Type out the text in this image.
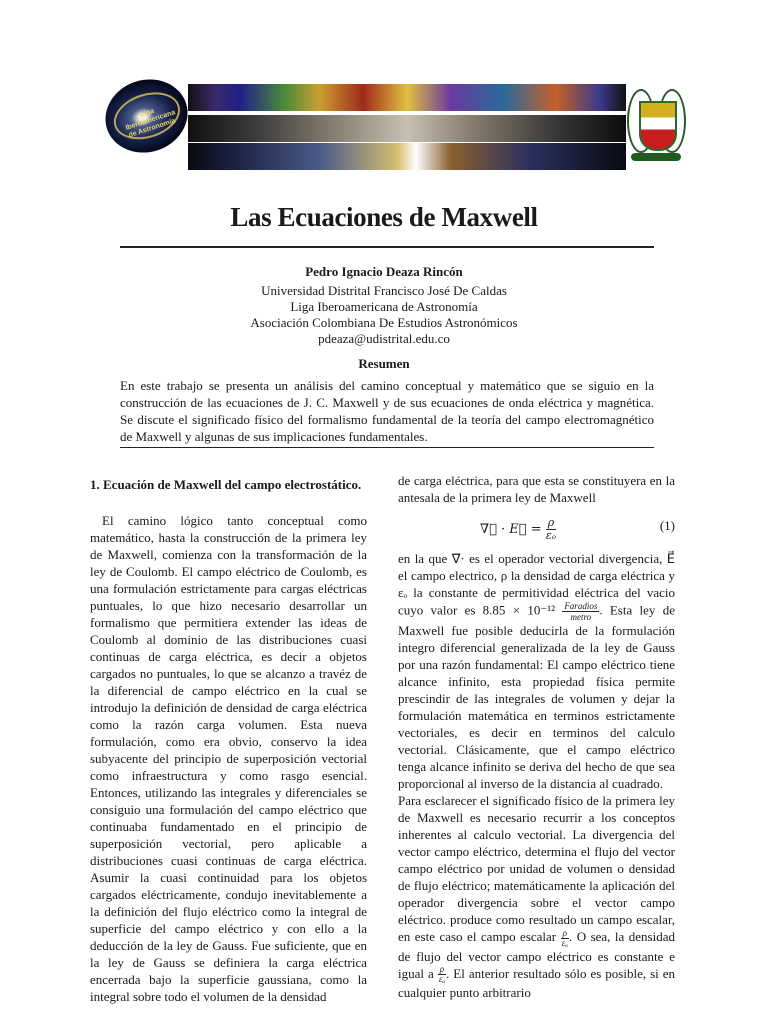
Liga Iberoamericana de Astronomía
Las Ecuaciones de Maxwell
Pedro Ignacio Deaza Rincón
Universidad Distrital Francisco José De Caldas
Liga Iberoamericana de Astronomía
Asociación Colombiana De Estudios Astronómicos
pdeaza@udistrital.edu.co
Resumen
En este trabajo se presenta un análisis del camino conceptual y matemático que se siguio en la construcción de las ecuaciones de J. C. Maxwell y de sus ecuaciones de onda eléctrica y magnética. Se discute el significado físico del formalismo fundamental de la teoría del campo electromagnético de Maxwell y algunas de sus implicaciones fundamentales.
1. Ecuación de Maxwell del campo electrostático.

El camino lógico tanto conceptual como matemático, hasta la construcción de la primera ley de Maxwell, comienza con la transformación de la ley de Coulomb. El campo eléctrico de Coulomb, es una formulación estrictamente para cargas eléctricas puntuales, lo que hizo necesario desarrollar un formalismo que permitiera extender las ideas de Coulomb al dominio de las distribuciones cuasi continuas de carga eléctrica, es decir a objetos cargados no puntuales, lo que se alcanzo a travéz de la diferencial de campo eléctrico en la cual se introdujo la definición de densidad de carga eléctrica como la razón carga volumen. Esta nueva formulación, como era obvio, conservo la idea subyacente del principio de superposición vectorial como infraestructura y como rasgo esencial. Entonces, utilizando las integrales y diferenciales se consiguio una formulación del campo eléctrico que continuaba fundamentado en el principio de superposición vectorial, pero aplicable a distribuciones cuasi continuas de carga eléctrica. Asumir la cuasi continuidad para los objetos cargados eléctricamente, condujo inevitablemente a la definición del flujo eléctrico como la integral de superficie del campo eléctrico y con ello a la deducción de la ley de Gauss. Fue suficiente, que en la ley de Gauss se definiera la carga eléctrica encerrada bajo la superficie gaussiana, como la integral sobre todo el volumen de la densidad

de carga eléctrica, para que esta se constituyera en la antesala de la primera ley de Maxwell

∇⃗ · E⃗ = $\frac{\rho}{\text{εₒ}}$	(1)

en la que ∇⃗· es el operador vectorial divergencia, E⃗ el campo electrico, ρ la densidad de carga eléctrica y εₒ la constante de permitividad eléctrica del vacio cuyo valor es $8.85 \times 10^{-12} \frac{\text{Faradios}}{\text{metro}}$ . Esta ley de Maxwell fue posible deducirla de la formulación integro diferencial generalizada de la ley de Gauss por una razón fundamental: El campo eléctrico tiene alcance infinito, esta propiedad física permite prescindir de las integrales de volumen y dejar la formulación matemática en terminos estrictamente vectoriales, es decir en terminos del calculo vectorial. Clásicamente, que el campo eléctrico tenga alcance infinito se deriva del hecho de que sea proporcional al inverso de la distancia al cuadrado.

Para esclarecer el significado físico de la primera ley de Maxwell es necesario recurrir a los conceptos inherentes al calculo vectorial. La divergencia del vector campo eléctrico, determina el flujo del vector campo eléctrico por unidad de volumen o densidad de flujo eléctrico; matemáticamente la aplicación del operador divergencia sobre el vector campo eléctrico. produce como resultado un campo escalar, en este caso el campo escalar $\frac{\rho}{\text{εₒ}}$ . O sea, la densidad de flujo del vector campo eléctrico es constante e igual a $\frac{\rho}{\text{εₒ}}$ . El anterior resultado sólo es posible, si en cualquier punto arbitrario
